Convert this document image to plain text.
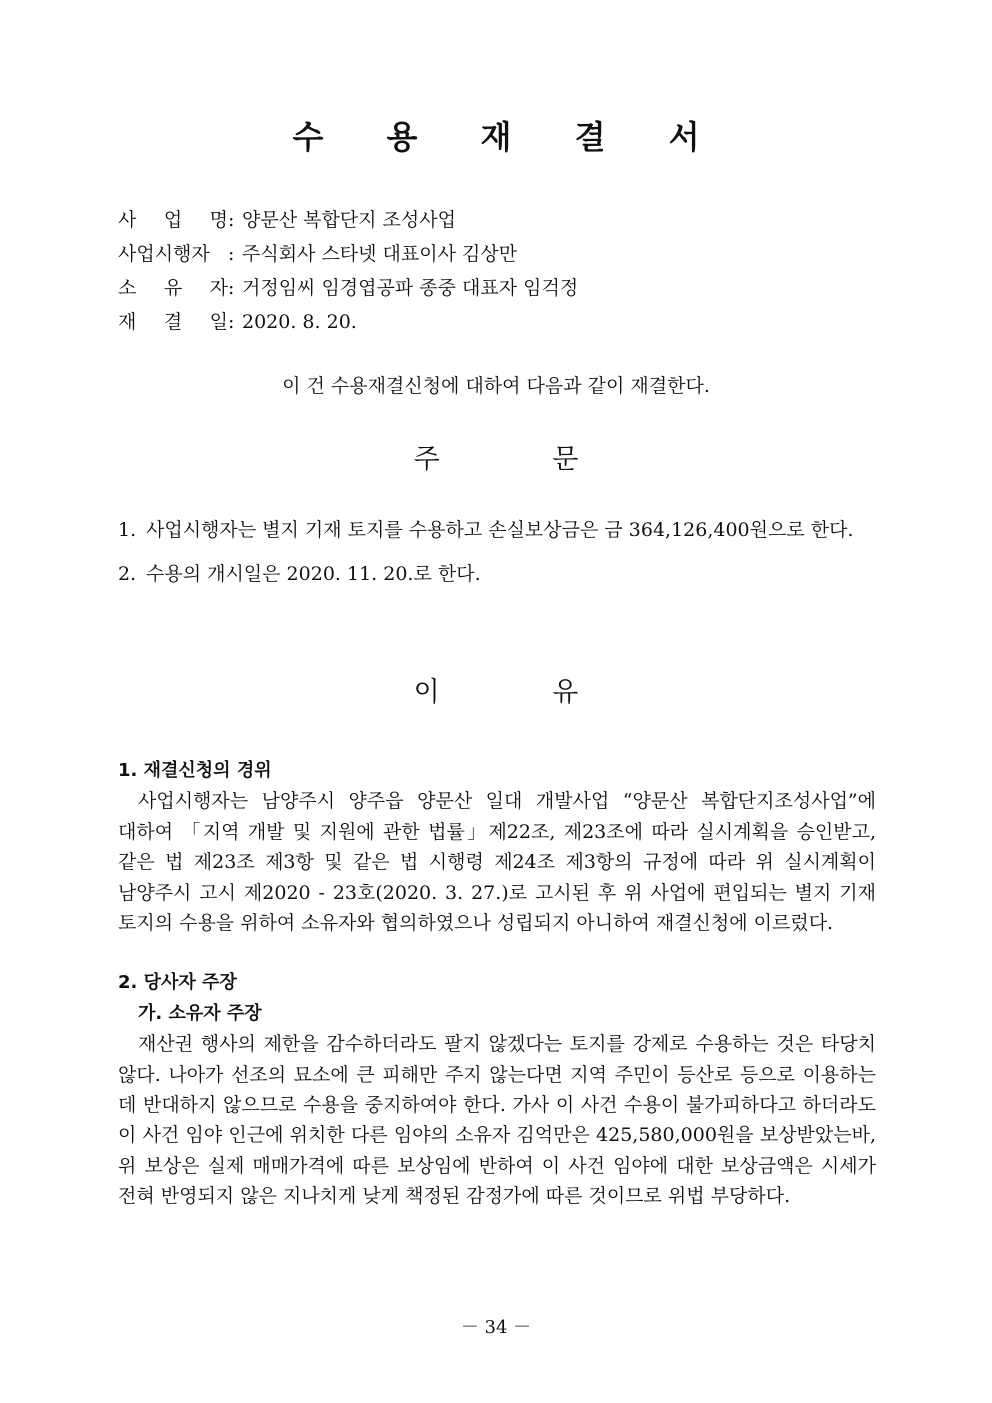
수 용 재 결 서
사 업 명 : 양문산 복합단지 조성사업
사업시행자 : 주식회사 스타넷 대표이사 김상만
소 유 자 : 거정임씨 임경엽공파 종중 대표자 임걱정
재 결 일 : 2020. 8. 20.
이 건 수용재결신청에 대하여 다음과 같이 재결한다.
주 문
1. 사업시행자는 별지 기재 토지를 수용하고 손실보상금은 금 364,126,400원으로 한다.
2. 수용의 개시일은 2020. 11. 20.로 한다.
이 유
1. 재결신청의 경위
사업시행자는 남양주시 양주읍 양문산 일대 개발사업 “양문산 복합단지조성사업”에 대하여 「지역 개발 및 지원에 관한 법률」제22조, 제23조에 따라 실시계획을 승인받고, 같은 법 제23조 제3항 및 같은 법 시행령 제24조 제3항의 규정에 따라 위 실시계획이 남양주시 고시 제2020 - 23호(2020. 3. 27.)로 고시된 후 위 사업에 편입되는 별지 기재 토지의 수용을 위하여 소유자와 협의하였으나 성립되지 아니하여 재결신청에 이르렀다.
2. 당사자 주장
가. 소유자 주장
재산권 행사의 제한을 감수하더라도 팔지 않겠다는 토지를 강제로 수용하는 것은 타당치 않다. 나아가 선조의 묘소에 큰 피해만 주지 않는다면 지역 주민이 등산로 등으로 이용하는 데 반대하지 않으므로 수용을 중지하여야 한다. 가사 이 사건 수용이 불가피하다고 하더라도 이 사건 임야 인근에 위치한 다른 임야의 소유자 김억만은 425,580,000원을 보상받았는바, 위 보상은 실제 매매가격에 따른 보상임에 반하여 이 사건 임야에 대한 보상금액은 시세가 전혀 반영되지 않은 지나치게 낮게 책정된 감정가에 따른 것이므로 위법 부당하다.
－ 34 －
